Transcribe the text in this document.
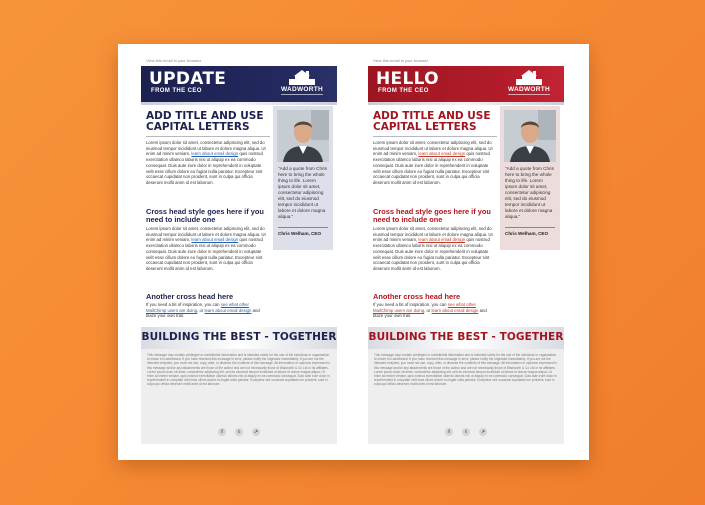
View this email in your browser
UPDATE
FROM THE CEO	WADWORTH
ADD TITLE AND USE
CAPITAL LETTERS
Lorem ipsum dolor sit amet, consectetur adipiscing elit, sed do eiusmod tempor incididunt ut labore et dolore magna aliqua. Ut enim ad minim veniam, learn about email design quis nostrud exercitation ullamco laboris nisi ut aliquip ex ea commodo consequat. Duis aute irure dolor in reprehenderit in voluptate velit esse cillum dolore eu fugiat nulla pariatur. Excepteur sint occaecat cupidatat non proident, sunt in culpa qui officia deserunt mollit anim id est laborum.
Cross head style goes here if you need to include one
Lorem ipsum dolor sit amet, consectetur adipiscing elit, sed do eiusmod tempor incididunt ut labore et dolore magna aliqua. Ut enim ad minim veniam, learn about email design quis nostrud exercitation ullamco laboris nisi ut aliquip ex ea commodo consequat. Duis aute irure dolor in reprehenderit in voluptate velit esse cillum dolore eu fugiat nulla pariatur. Excepteur sint occaecat cupidatat non proident, sunt in culpa qui officia deserunt mollit anim id est laborum.
Another cross head here
If you need a bit of inspiration, you can see what other MailChimp users are doing, or learn about email design and blaze your own trail.
"Add a quote from Chris here to bring the whole thing to life. Lorem ipsum dolor sit amet, consectetur adipiscing elit, sed do eiusmod tempor incididunt ut labore et dolore magna aliqua."
Chris Welham, CEO
BUILDING THE BEST - TOGETHER
This message may contain privileged or confidential information and is intended solely for the use of the individual or organisation to whom it is addressed. If you have received this message in error, please notify the originator immediately. If you are not the intended recipient, you must not use, copy, alter, or disclose the contents of this message. All information or opinions expressed in this message and/or any attachments are those of the author and are not necessarily those of Wadworth & Co Ltd or its affiliates. Lorem ipsum dolor sit amet, consectetur adipiscing elit, sed do eiusmod tempor incididunt ut labore et dolore magna aliqua. Ut enim ad minim veniam, quis nostrud exercitation ullamco laboris nisi ut aliquip ex ea commodo consequat. Duis aute irure dolor in reprehenderit in voluptate velit esse cillum dolore eu fugiat nulla pariatur. Excepteur sint occaecat cupidatat non proident, sunt in culpa qui officia deserunt mollit anim id est laborum.
f	t	↗
View this email in your browser
HELLO
FROM THE CEO	WADWORTH
ADD TITLE AND USE
CAPITAL LETTERS
Lorem ipsum dolor sit amet, consectetur adipiscing elit, sed do eiusmod tempor incididunt ut labore et dolore magna aliqua. Ut enim ad minim veniam, learn about email design quis nostrud exercitation ullamco laboris nisi ut aliquip ex ea commodo consequat. Duis aute irure dolor in reprehenderit in voluptate velit esse cillum dolore eu fugiat nulla pariatur. Excepteur sint occaecat cupidatat non proident, sunt in culpa qui officia deserunt mollit anim id est laborum.
Cross head style goes here if you need to include one
Lorem ipsum dolor sit amet, consectetur adipiscing elit, sed do eiusmod tempor incididunt ut labore et dolore magna aliqua. Ut enim ad minim veniam, learn about email design quis nostrud exercitation ullamco laboris nisi ut aliquip ex ea commodo consequat. Duis aute irure dolor in reprehenderit in voluptate velit esse cillum dolore eu fugiat nulla pariatur. Excepteur sint occaecat cupidatat non proident, sunt in culpa qui officia deserunt mollit anim id est laborum.
Another cross head here
If you need a bit of inspiration, you can see what other MailChimp users are doing, or learn about email design and blaze your own trail.
"Add a quote from Chris here to bring the whole thing to life. Lorem ipsum dolor sit amet, consectetur adipiscing elit, sed do eiusmod tempor incididunt ut labore et dolore magna aliqua."
Chris Welham, CEO
BUILDING THE BEST - TOGETHER
This message may contain privileged or confidential information and is intended solely for the use of the individual or organisation to whom it is addressed. If you have received this message in error, please notify the originator immediately. If you are not the intended recipient, you must not use, copy, alter, or disclose the contents of this message. All information or opinions expressed in this message and/or any attachments are those of the author and are not necessarily those of Wadworth & Co Ltd or its affiliates. Lorem ipsum dolor sit amet, consectetur adipiscing elit, sed do eiusmod tempor incididunt ut labore et dolore magna aliqua. Ut enim ad minim veniam, quis nostrud exercitation ullamco laboris nisi ut aliquip ex ea commodo consequat. Duis aute irure dolor in reprehenderit in voluptate velit esse cillum dolore eu fugiat nulla pariatur. Excepteur sint occaecat cupidatat non proident, sunt in culpa qui officia deserunt mollit anim id est laborum.
f	t	↗
